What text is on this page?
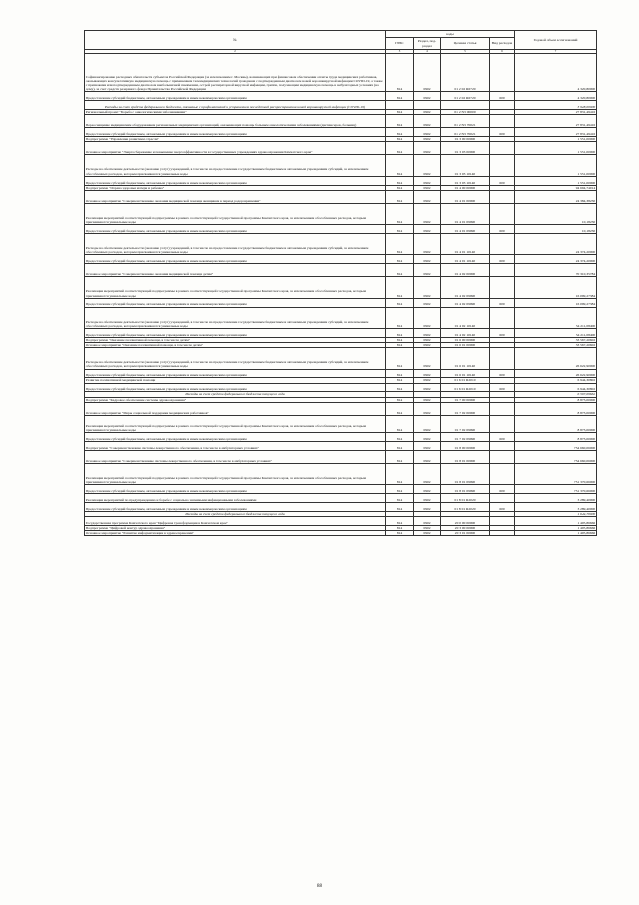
№	коды				Годовой объем ассигнований
	ГРБС	Раздел, под-раздел	Целевая статья	Вид расходов	
2	3	4	5	6	7
Софинансирование расходных обязательств субъектов Российской Федерации (за исключением г. Москвы), возникающих при финансовом обеспечении оплаты труда медицинских работников, оказывающих консультативную медицинскую помощь с применением телемедицинских технологий гражданам с подтвержденным диагнозом новой коронавирусной инфекции COVID-19, а также с признаками или подтвержденным диагнозом внебольничной пневмонии, острой респираторной вирусной инфекции, гриппа, получающим медицинскую помощь в амбулаторных условиях (на дому), за счет средств резервного фонда Правительства Российской Федерации	814	0902	01 2 02 R6720		4 320,80000
Предоставление субсидий бюджетным, автономным учреждениям и иным некоммерческим организациям	814	0902	01 2 02 R6720	600	4 320,80000
Расходы за счет средств федерального бюджета, связанные с профилактикой и устранением последствий распространения новой коронавирусной инфекции (COVID-19)					3 928,00000
Региональный проект "Борьба с онкологическими заболеваниями"	814	0902	01 2 N3 00000		27 831,49416
Переоснащение медицинским оборудованием региональных медицинских организаций, оказывающих помощь больным онкологическими заболеваниями (диспансеров, больниц)	814	0902	01 2 N3 70021		27 831,49416
Предоставление субсидий бюджетным, автономным учреждениям и иным некоммерческим организациям	814	0902	01 2 N3 70021	600	27 831,49416
Подпрограмма "Управление развитием отрасли"	814	0902	01 3 00 00000		1 551,00000
Основное мероприятие "Энергосбережение и повышение энергоэффективности в государственных учреждениях здравоохранения Камчатского края"	814	0902	01 3 03 00000		1 551,00000
Расходы на обеспечение деятельности (оказание услуг) учреждений, в том числе на предоставление государственным бюджетным и автономным учреждениям субсидий, за исключением обособленных расходов, которым присваиваются уникальные коды	814	0902	01 3 03 10140		1 551,00000
Предоставление субсидий бюджетным, автономным учреждениям и иным некоммерческим организациям	814	0902	01 3 03 10140	600	1 551,00000
Подпрограмма "Охрана здоровья матери и ребенка"	814	0902	01 4 00 00000		94 694,74014
Основное мероприятие "Совершенствование оказания медицинской помощи женщинам в период родоразрешения"	814	0902	01 4 01 00000		24 384,38230
Реализация мероприятий соответствующей подпрограммы в рамках соответствующей государственной программы Камчатского края, за исключением обособленных расходов, которым присваиваются уникальные коды	814	0902	01 4 01 09990		10,18230
Предоставление субсидий бюджетным, автономным учреждениям и иным некоммерческим организациям	814	0902	01 4 01 09990	600	10,18230
Расходы на обеспечение деятельности (оказание услуг) учреждений, в том числе на предоставление государственным бюджетным и автономным учреждениям субсидий, за исключением обособленных расходов, которым присваиваются уникальные коды	814	0902	01 4 01 10140		24 374,20000
Предоставление субсидий бюджетным, автономным учреждениям и иным некоммерческим организациям	814	0902	01 4 01 10140	600	24 374,20000
Основное мероприятие "Совершенствование оказания медицинской помощи детям"	814	0902	01 4 02 00000		70 310,35784
Реализация мероприятий соответствующей подпрограммы в рамках соответствующей государственной программы Камчатского края, за исключением обособленных расходов, которым присваиваются уникальные коды	814	0902	01 4 02 09990		16 099,27384
Предоставление субсидий бюджетным, автономным учреждениям и иным некоммерческим организациям	814	0902	01 4 02 09990	600	16 099,27384
Расходы на обеспечение деятельности (оказание услуг) учреждений, в том числе на предоставление государственным бюджетным и автономным учреждениям субсидий, за исключением обособленных расходов, которым присваиваются уникальные коды	814	0902	01 4 02 10140		54 211,08400
Предоставление субсидий бюджетным, автономным учреждениям и иным некоммерческим организациям	814	0902	01 4 02 10140	600	54 211,08400
Подпрограмма "Оказание паллиативной помощи, в том числе детям"	814	0902	01 6 00 00000		33 567,20602
Основное мероприятие "Оказание паллиативной помощи, в том числе детям"	814	0902	01 6 01 00000		33 567,20602
Расходы на обеспечение деятельности (оказание услуг) учреждений, в том числе на предоставление государственным бюджетным и автономным учреждениям субсидий, за исключением обособленных расходов, которым присваиваются уникальные коды	814	0902	01 6 01 10140		26 622,90000
Предоставление субсидий бюджетным, автономным учреждениям и иным некоммерческим организациям	814	0902	01 6 01 10140	600	26 622,90000
Развитие паллиативной медицинской помощи	814	0902	01 6 01 R2010		6 944,30802
Предоставление субсидий бюджетным, автономным учреждениям и иным некоммерческим организациям	814	0902	01 6 01 R2010	600	6 944,30802
Расходы за счет средств федерального бюджета текущего года					6 597,09662
Подпрограмма "Кадровое обеспечение системы здравоохранения"	814	0902	01 7 00 00000		8 873,00000
Основное мероприятие "Меры социальной поддержки медицинских работников"	814	0902	01 7 02 00000		8 873,00000
Реализация мероприятий соответствующей подпрограммы в рамках соответствующей государственной программы Камчатского края, за исключением обособленных расходов, которым присваиваются уникальные коды	814	0902	01 7 02 09990		8 873,00000
Предоставление субсидий бюджетным, автономным учреждениям и иным некоммерческим организациям	814	0902	01 7 02 09990	600	8 873,00000
Подпрограмма "Совершенствование системы лекарственного обеспечения, в том числе в амбулаторных условиях"	814	0902	01 8 00 00000		754 660,06000
Основное мероприятие "Совершенствование системы лекарственного обеспечения, в том числе в амбулаторных условиях"	814	0902	01 8 01 00000		754 660,06000
Реализация мероприятий соответствующей подпрограммы в рамках соответствующей государственной программы Камчатского края, за исключением обособленных расходов, которым присваиваются уникальные коды	814	0902	01 8 01 09990		751 370,66000
Предоставление субсидий бюджетным, автономным учреждениям и иным некоммерческим организациям	814	0902	01 8 01 09990	600	751 370,66000
Реализация мероприятий по предупреждению и борьбе с социально значимыми инфекционными заболеваниями	814	0902	01 8 01 R2020		3 289,40000
Предоставление субсидий бюджетным, автономным учреждениям и иным некоммерческим организациям	814	0902	01 8 01 R2020	600	3 289,40000
Расходы за счет средств федерального бюджета текущего года					1 644,70000
Государственная программа Камчатского края "Цифровая трансформация в Камчатском крае"	814	0902	20 0 00 00000		1 405,86666
Подпрограмма "Цифровой контур здравоохранения"	814	0902	20 3 00 00000		1 405,86666
Основное мероприятие "Развитие информатизации в здравоохранении"	814	0902	20 3 01 00000		1 405,86666
88
